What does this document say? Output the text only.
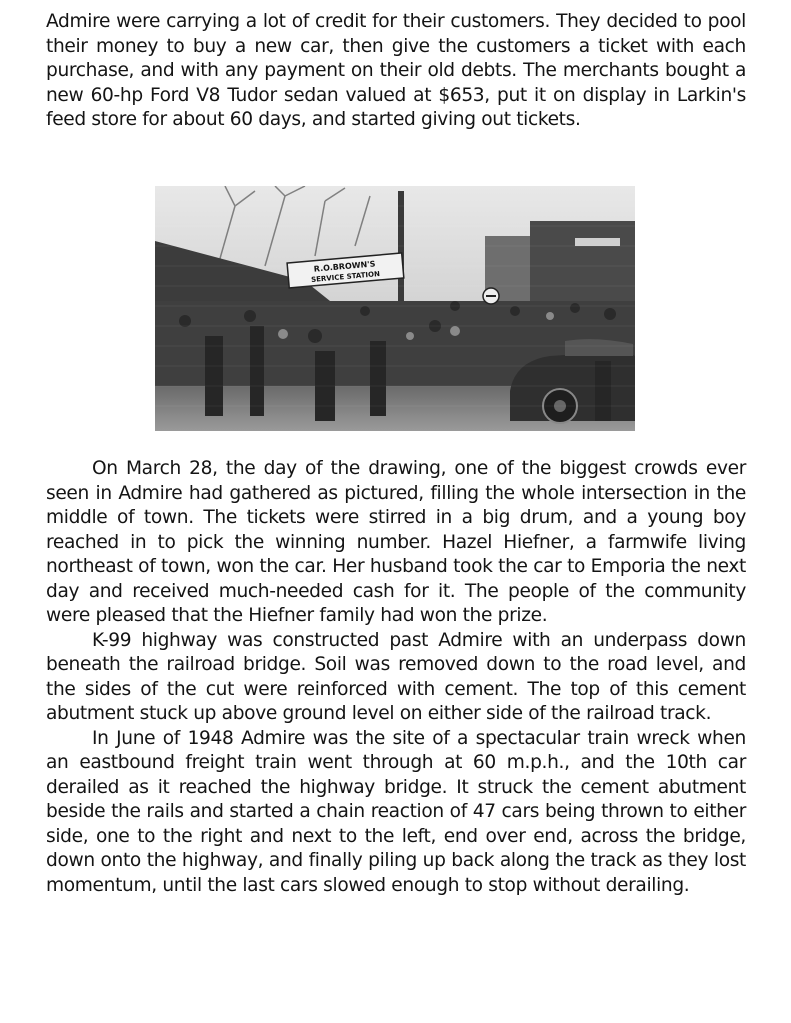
Admire were carrying a lot of credit for their customers. They decided to pool their money to buy a new car, then give the customers a ticket with each purchase, and with any payment on their old debts. The merchants bought a new 60-hp Ford V8 Tudor sedan valued at $653, put it on display in Larkin's feed store for about 60 days, and started giving out tickets.

R.O.BROWN'S
SERVICE STATION

On March 28, the day of the drawing, one of the biggest crowds ever seen in Admire had gathered as pictured, filling the whole intersection in the middle of town. The tickets were stirred in a big drum, and a young boy reached in to pick the winning number. Hazel Hiefner, a farmwife living northeast of town, won the car. Her husband took the car to Emporia the next day and received much-needed cash for it. The people of the community were pleased that the Hiefner family had won the prize.

K-99 highway was constructed past Admire with an underpass down beneath the railroad bridge. Soil was removed down to the road level, and the sides of the cut were reinforced with cement. The top of this cement abutment stuck up above ground level on either side of the railroad track.

In June of 1948 Admire was the site of a spectacular train wreck when an eastbound freight train went through at 60 m.p.h., and the 10th car derailed as it reached the highway bridge. It struck the cement abutment beside the rails and started a chain reaction of 47 cars being thrown to either side, one to the right and next to the left, end over end, across the bridge, down onto the highway, and finally piling up back along the track as they lost momentum, until the last cars slowed enough to stop without derailing.
